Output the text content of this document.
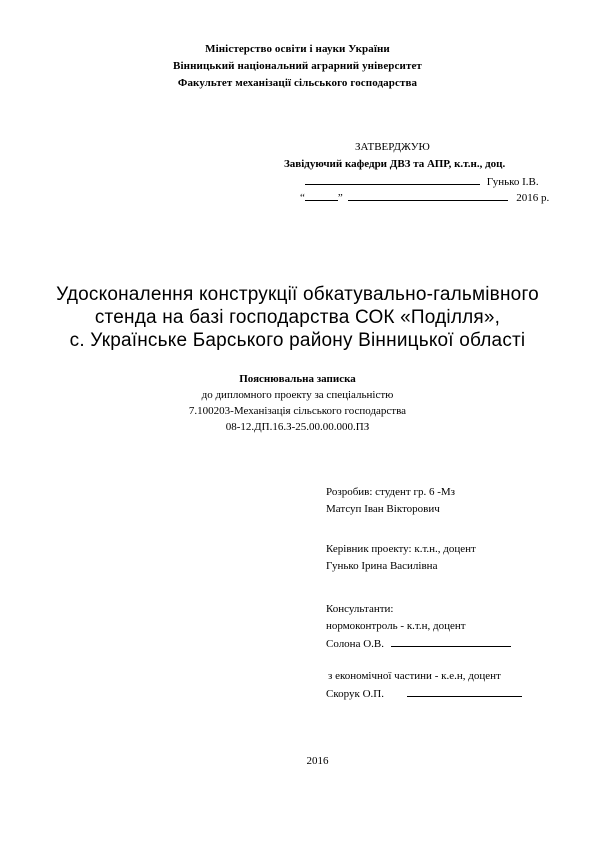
Міністерство освіти і науки України
Вінницький національний аграрний університет
Факультет механізації сільського господарства
ЗАТВЕРДЖУЮ
Завідуючий кафедри ДВЗ та АПР, к.т.н., доц.
Гунько І.В.
“	”	2016 р.
Удосконалення конструкції обкатувально-гальмівного
стенда на базі господарства СОК «Поділля»,
с. Українське Барського району Вінницької області
Пояснювальна записка
до дипломного проекту за спеціальністю
7.100203-Механізація сільського господарства
08-12.ДП.16.З-25.00.00.000.ПЗ
Розробив: студент гр. 6 -Мз
Матсуп Іван Вікторович
Керівник проекту: к.т.н., доцент
Гунько Ірина Василівна
Консультанти:
нормоконтроль - к.т.н, доцент
Солона О.В.
з економічної частини - к.е.н, доцент
Скорук О.П.
2016
